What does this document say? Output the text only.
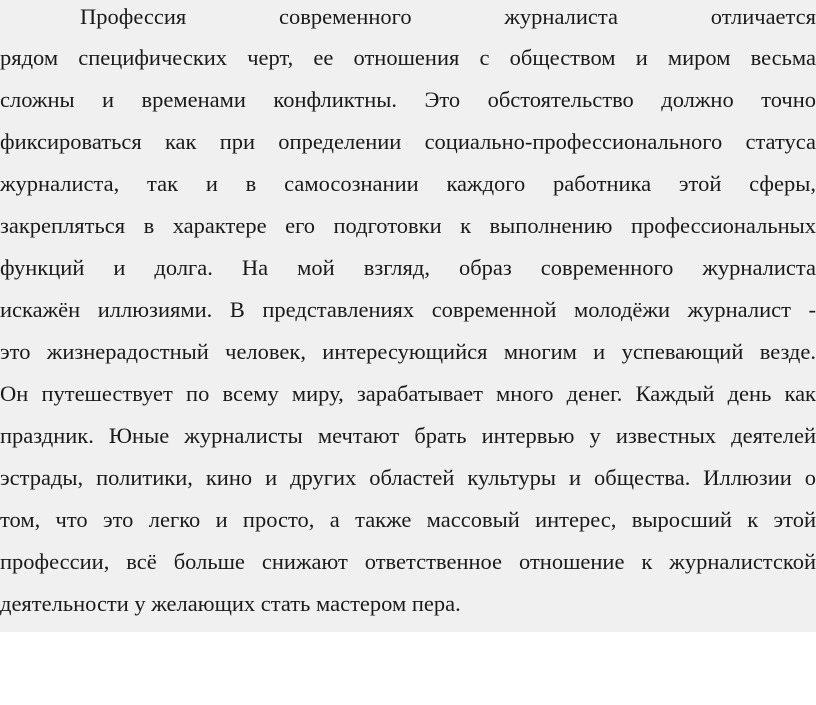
Профессия современного журналиста отличается
рядом специфических черт, ее отношения с обществом и миром весьма
сложны и временами конфликтны. Это обстоятельство должно точно
фиксироваться как при определении социально-профессионального статуса
журналиста, так и в самосознании каждого работника этой сферы,
закрепляться в характере его подготовки к выполнению профессиональных
функций и долга. На мой взгляд, образ современного журналиста
искажён иллюзиями. В представлениях современной молодёжи журналист -
это жизнерадостный человек, интересующийся многим и успевающий везде.
Он путешествует по всему миру, зарабатывает много денег. Каждый день как
праздник. Юные журналисты мечтают брать интервью у известных деятелей
эстрады, политики, кино и других областей культуры и общества. Иллюзии о
том, что это легко и просто, а также массовый интерес, выросший к этой
профессии, всё больше снижают ответственное отношение к журналистской
деятельности у желающих стать мастером пера.
